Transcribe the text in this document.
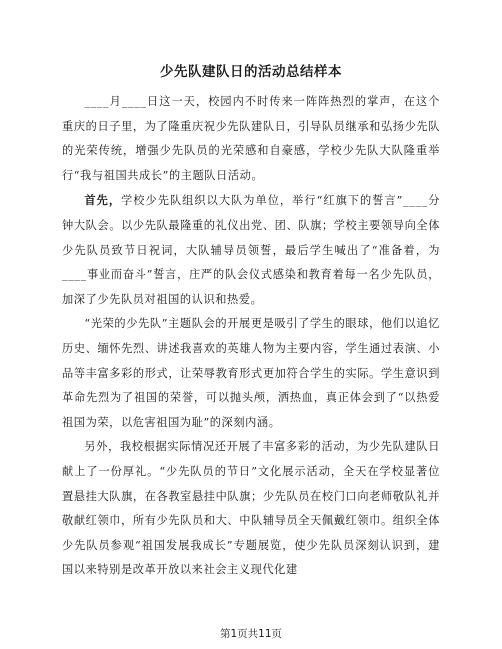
少先队建队日的活动总结样本

____月____日这一天，校园内不时传来一阵阵热烈的掌声，在这个重庆的日子里，为了隆重庆祝少先队建队日，引导队员继承和弘扬少先队的光荣传统，增强少先队员的光荣感和自豪感，学校少先队大队隆重举行“我与祖国共成长”的主题队日活动。

首先，学校少先队组织以大队为单位，举行“红旗下的誓言”____分钟大队会。以少先队最隆重的礼仪出党、团、队旗；学校主要领导向全体少先队员致节日祝词，大队辅导员领誓，最后学生喊出了“准备着，为____事业而奋斗”誓言，庄严的队会仪式感染和教育着每一名少先队员，加深了少先队员对祖国的认识和热爱。

“光荣的少先队”主题队会的开展更是吸引了学生的眼球，他们以追忆历史、缅怀先烈、讲述我喜欢的英雄人物为主要内容，学生通过表演、小品等丰富多彩的形式，让荣辱教育形式更加符合学生的实际。学生意识到革命先烈为了祖国的荣誉，可以抛头颅，洒热血，真正体会到了“以热爱祖国为荣，以危害祖国为耻”的深刻内涵。

另外，我校根据实际情况还开展了丰富多彩的活动，为少先队建队日献上了一份厚礼。“少先队员的节日”文化展示活动，全天在学校显著位置悬挂大队旗，在各教室悬挂中队旗；少先队员在校门口向老师敬队礼并敬献红领巾，所有少先队员和大、中队辅导员全天佩戴红领巾。组织全体少先队员参观“祖国发展我成长”专题展览，使少先队员深刻认识到，建国以来特别是改革开放以来社会主义现代化建

第1页共11页
